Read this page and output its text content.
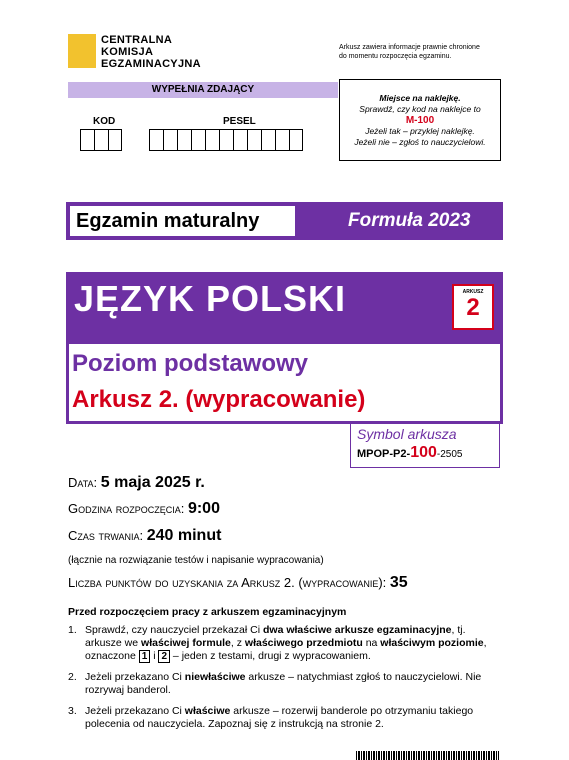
CENTRALNA
KOMISJA
EGZAMINACYJNA
Arkusz zawiera informacje prawnie chronione
do momentu rozpoczęcia egzaminu.
WYPEŁNIA ZDAJĄCY
KOD	PESEL
Miejsce na naklejkę.
Sprawdź, czy kod na naklejce to
M-100
Jeżeli tak – przyklej naklejkę.
Jeżeli nie – zgłoś to nauczycielowi.
Egzamin maturalny	Formuła 2023
JĘZYK POLSKI	ARKUSZ
2
Poziom podstawowy
Arkusz 2. (wypracowanie)
Symbol arkusza
MPOP-P2-100-2505
Data: 5 maja 2025 r.
Godzina rozpoczęcia: 9:00
Czas trwania: 240 minut
(łącznie na rozwiązanie testów i napisanie wypracowania)
Liczba punktów do uzyskania za Arkusz 2. (wypracowanie): 35
Przed rozpoczęciem pracy z arkuszem egzaminacyjnym
1. Sprawdź, czy nauczyciel przekazał Ci dwa właściwe arkusze egzaminacyjne, tj. arkusze we właściwej formule, z właściwego przedmiotu na właściwym poziomie, oznaczone 1 i 2 – jeden z testami, drugi z wypracowaniem.
2. Jeżeli przekazano Ci niewłaściwe arkusze – natychmiast zgłoś to nauczycielowi. Nie rozrywaj banderol.
3. Jeżeli przekazano Ci właściwe arkusze – rozerwij banderole po otrzymaniu takiego polecenia od nauczyciela. Zapoznaj się z instrukcją na stronie 2.
